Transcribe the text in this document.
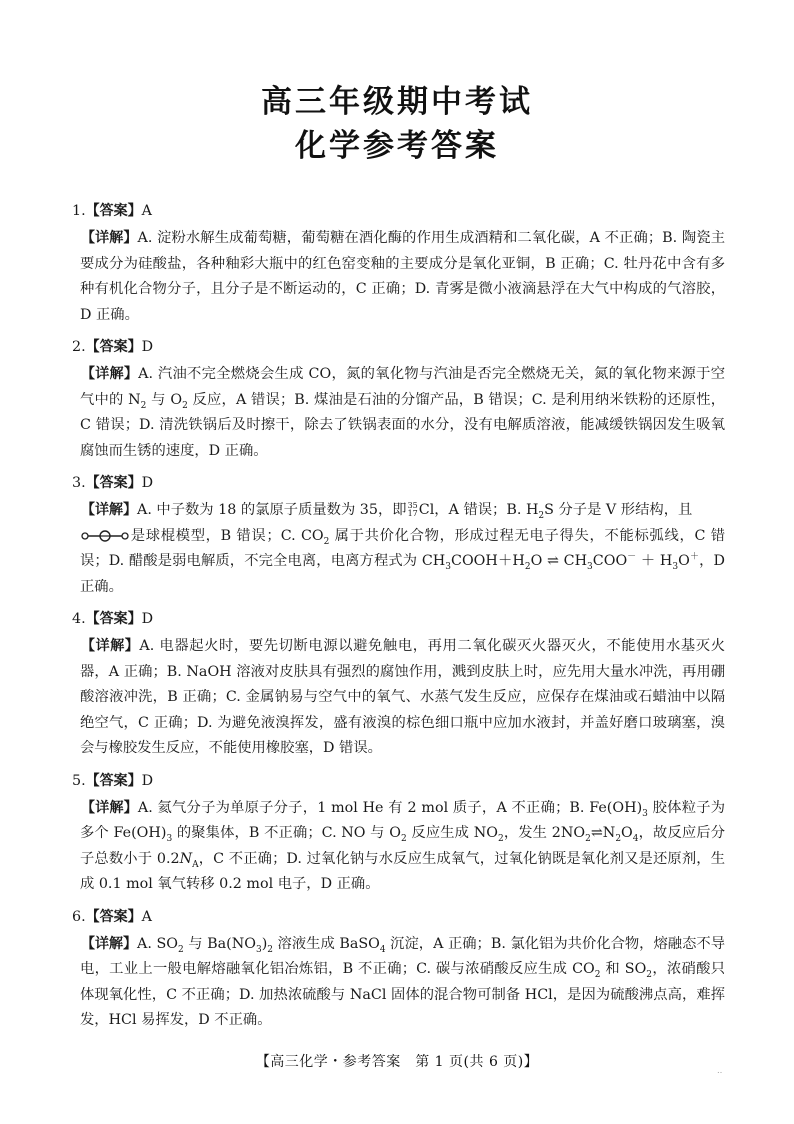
高三年级期中考试
化学参考答案
1.【答案】A
【详解】A. 淀粉水解生成葡萄糖，葡萄糖在酒化酶的作用生成酒精和二氧化碳，A 不正确；B. 陶瓷主要成分为硅酸盐，各种釉彩大瓶中的红色窑变釉的主要成分是氧化亚铜，B 正确；C. 牡丹花中含有多种有机化合物分子，且分子是不断运动的，C 正确；D. 青雾是微小液滴悬浮在大气中构成的气溶胶，D 正确。
2.【答案】D
【详解】A. 汽油不完全燃烧会生成 CO，氮的氧化物与汽油是否完全燃烧无关，氮的氧化物来源于空气中的 $N_2$ 与 $O_2$ 反应，A 错误；B. 煤油是石油的分馏产品，B 错误；C. 是利用纳米铁粉的还原性，C 错误；D. 清洗铁锅后及时擦干，除去了铁锅表面的水分，没有电解质溶液，能减缓铁锅因发生吸氧腐蚀而生锈的速度，D 正确。
3.【答案】D
【详解】A. 中子数为 18 的氯原子质量数为 35，即 35
17 Cl，A 错误；B. $H_2S$ 分子是 V 形结构，且
是球棍模型，B 错误；C. $CO_2$ 属于共价化合物，形成过程无电子得失，不能标弧线，C 错误；D. 醋酸是弱电解质，不完全电离，电离方程式为 $CH_3COOH+H_2O$ ⇌ $CH_3COO^- + H_3O^+$，D 正确。
4.【答案】D
【详解】A. 电器起火时，要先切断电源以避免触电，再用二氧化碳灭火器灭火，不能使用水基灭火器，A 正确；B. NaOH 溶液对皮肤具有强烈的腐蚀作用，溅到皮肤上时，应先用大量水冲洗，再用硼酸溶液冲洗，B 正确；C. 金属钠易与空气中的氧气、水蒸气发生反应，应保存在煤油或石蜡油中以隔绝空气，C 正确；D. 为避免液溴挥发，盛有液溴的棕色细口瓶中应加水液封，并盖好磨口玻璃塞，溴会与橡胶发生反应，不能使用橡胶塞，D 错误。
5.【答案】D
【详解】A. 氦气分子为单原子分子，1 mol He 有 2 mol 质子，A 不正确；B. $Fe(OH)_3$ 胶体粒子为多个 $Fe(OH)_3$ 的聚集体，B 不正确；C. NO 与 $O_2$ 反应生成 $NO_2$，发生 $2NO_2\rightleftharpoons N_2O_4$，故反应后分子总数小于 $0.2N_A$，C 不正确；D. 过氧化钠与水反应生成氧气，过氧化钠既是氧化剂又是还原剂，生成 0.1 mol 氧气转移 0.2 mol 电子，D 正确。
6.【答案】A
【详解】A. $SO_2$ 与 $Ba(NO_3)_2$ 溶液生成 BaSO$_4$ 沉淀，A 正确；B. 氯化铝为共价化合物，熔融态不导电，工业上一般电解熔融氧化铝冶炼铝，B 不正确；C. 碳与浓硝酸反应生成 $CO_2$ 和 $SO_2$，浓硝酸只体现氧化性，C 不正确；D. 加热浓硫酸与 NaCl 固体的混合物可制备 HCl，是因为硫酸沸点高，难挥发，HCl 易挥发，D 不正确。
【高三化学・参考答案　第 1 页(共 6 页)】
‥
